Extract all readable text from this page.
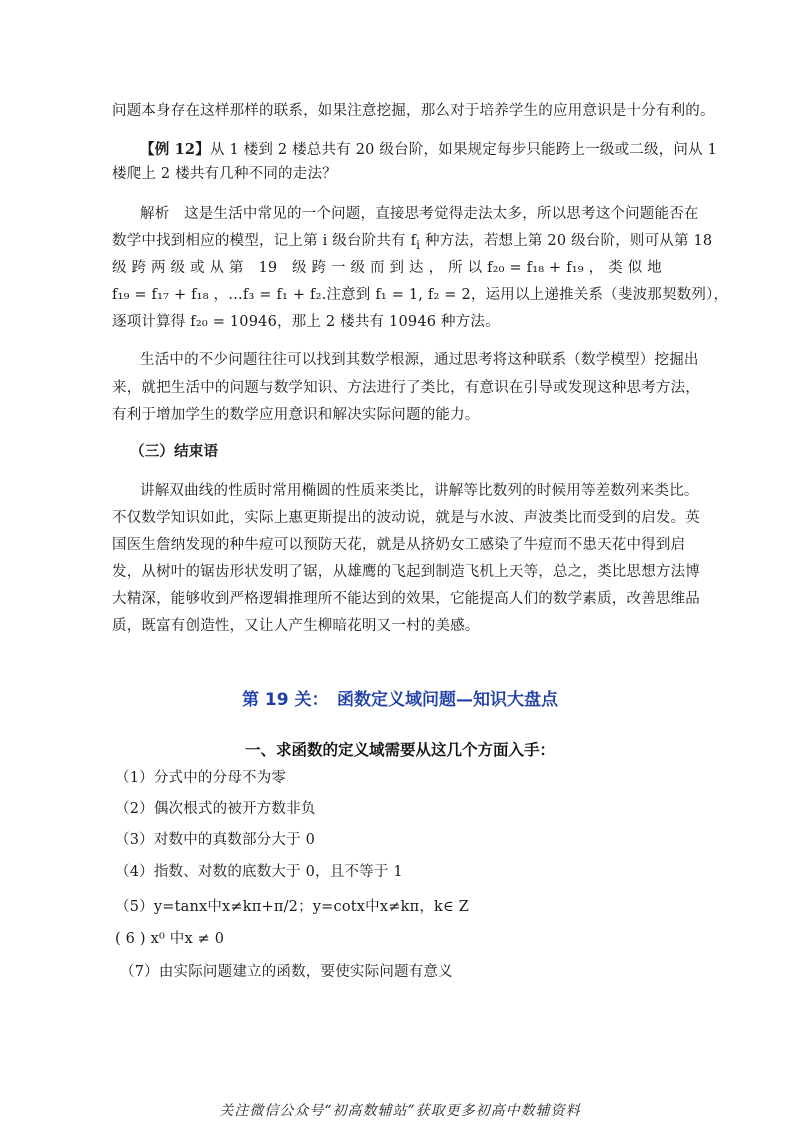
问题本身存在这样那样的联系，如果注意挖掘，那么对于培养学生的应用意识是十分有利的。
【例 12】从 1 楼到 2 楼总共有 20 级台阶，如果规定每步只能跨上一级或二级，问从 1
楼爬上 2 楼共有几种不同的走法？
解析　这是生活中常见的一个问题，直接思考觉得走法太多，所以思考这个问题能否在
数学中找到相应的模型，记上第 i 级台阶共有 $f_i$ 种方法，若想上第 20 级台阶，则可从第 18
级 跨 两 级 或 从 第　19　级 跨 一 级 而 到 达 ， 所 以 f₂₀ = f₁₈ + f₁₉ ， 类 似 地
f₁₉ = f₁₇ + f₁₈ ，…f₃ = f₁ + f₂.注意到 f₁ = 1, f₂ = 2，运用以上递推关系（斐波那契数列），
逐项计算得 f₂₀ = 10946，那上 2 楼共有 10946 种方法。
生活中的不少问题往往可以找到其数学根源，通过思考将这种联系（数学模型）挖掘出
来，就把生活中的问题与数学知识、方法进行了类比，有意识在引导或发现这种思考方法，
有利于增加学生的数学应用意识和解决实际问题的能力。
（三）结束语
讲解双曲线的性质时常用椭圆的性质来类比，讲解等比数列的时候用等差数列来类比。
不仅数学知识如此，实际上惠更斯提出的波动说，就是与水波、声波类比而受到的启发。英
国医生詹纳发现的种牛痘可以预防天花，就是从挤奶女工感染了牛痘而不患天花中得到启
发，从树叶的锯齿形状发明了锯，从雄鹰的飞起到制造飞机上天等，总之，类比思想方法博
大精深，能够收到严格逻辑推理所不能达到的效果，它能提高人们的数学素质，改善思维品
质，既富有创造性，又让人产生柳暗花明又一村的美感。
第 19 关：　函数定义域问题—知识大盘点
一、求函数的定义域需要从这几个方面入手：
（1）分式中的分母不为零
（2）偶次根式的被开方数非负
（3）对数中的真数部分大于 0
（4）指数、对数的底数大于 0，且不等于 1
（5）y=tanx中x≠kπ+π/2；y=cotx中x≠kπ，k∈ Z
( 6 ) x⁰ 中x ≠ 0
（7）由实际问题建立的函数，要使实际问题有意义
关注微信公众号“初高数辅站”获取更多初高中数辅资料
